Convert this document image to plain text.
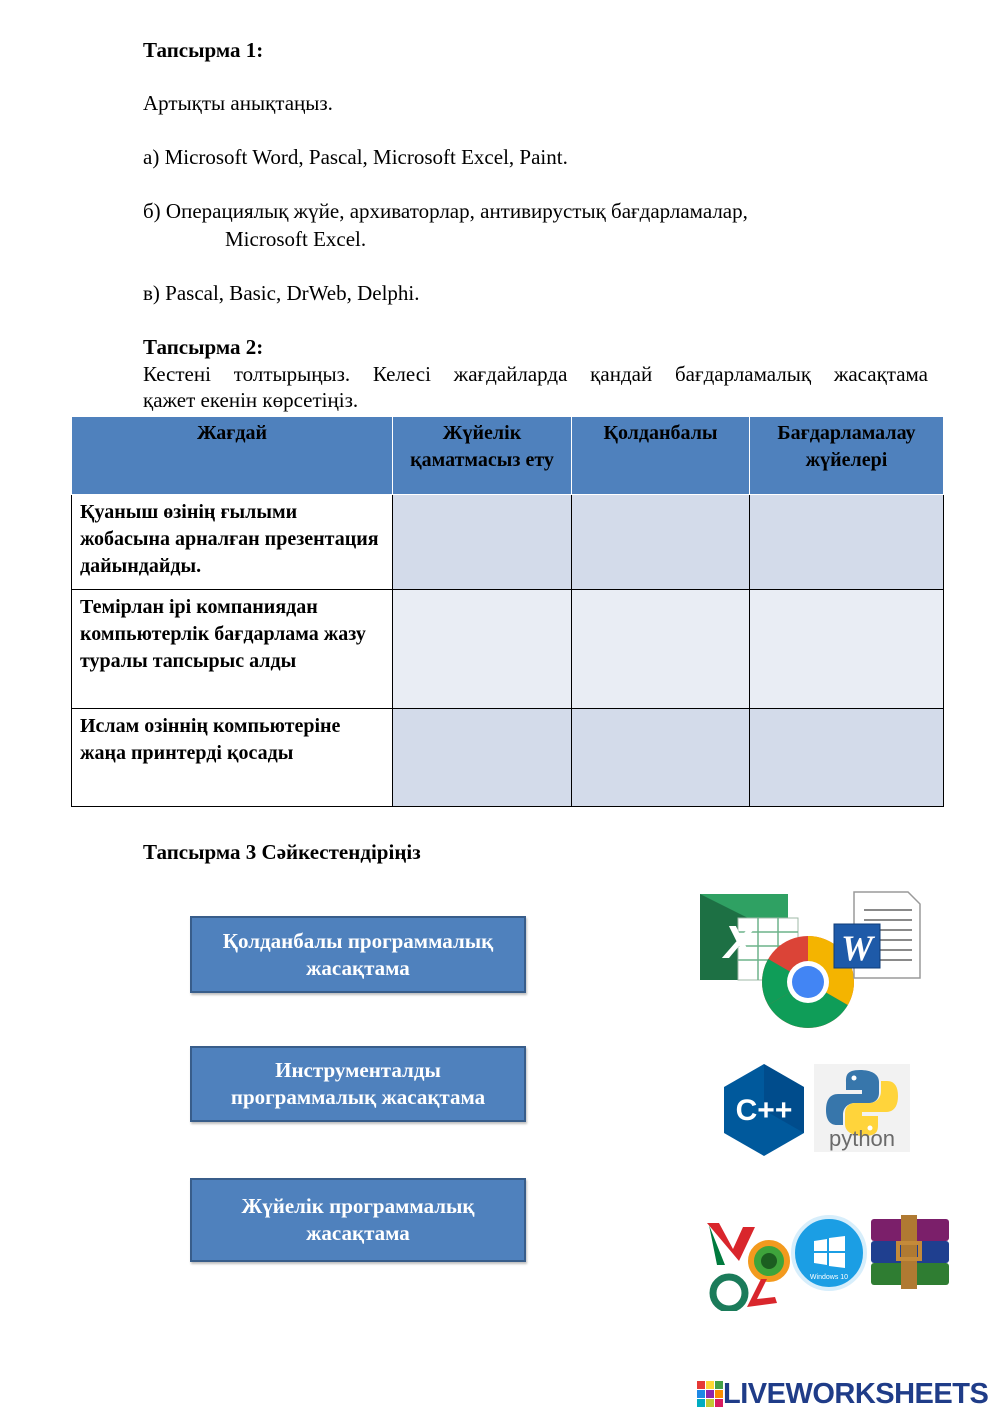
Тапсырма 1:
Артықты анықтаңыз.
а) Microsoft Word, Pascal, Microsoft Excel, Paint.
б) Операциялық жүйе, архиваторлар, антивирустық бағдарламалар,
Microsoft Excel.
в) Pascal, Basic, DrWeb, Delphi.
Тапсырма 2:
Кестені толтырыңыз. Келесі жағдайларда қандай бағдарламалық жасақтама
қажет екенін көрсетіңіз.
Жағдай	Жүйелік қаматмасыз ету	Қолданбалы	Бағдарламалау жүйелері
Қуаныш өзінің ғылыми жобасына арналған презентация дайындайды.			
Темірлан ірі компаниядан компьютерлік бағдарлама жазу туралы тапсырыс алды			
Ислам озіннің компьютеріне жаңа принтерді қосады			
Тапсырма 3 Сәйкестендіріңіз
Қолданбалы программалық
жасақтама
Инструменталды
программалық жасақтама
Жүйелік программалық
жасақтама
X W
C++
python
Windows 10
LIVEWORKSHEETS
